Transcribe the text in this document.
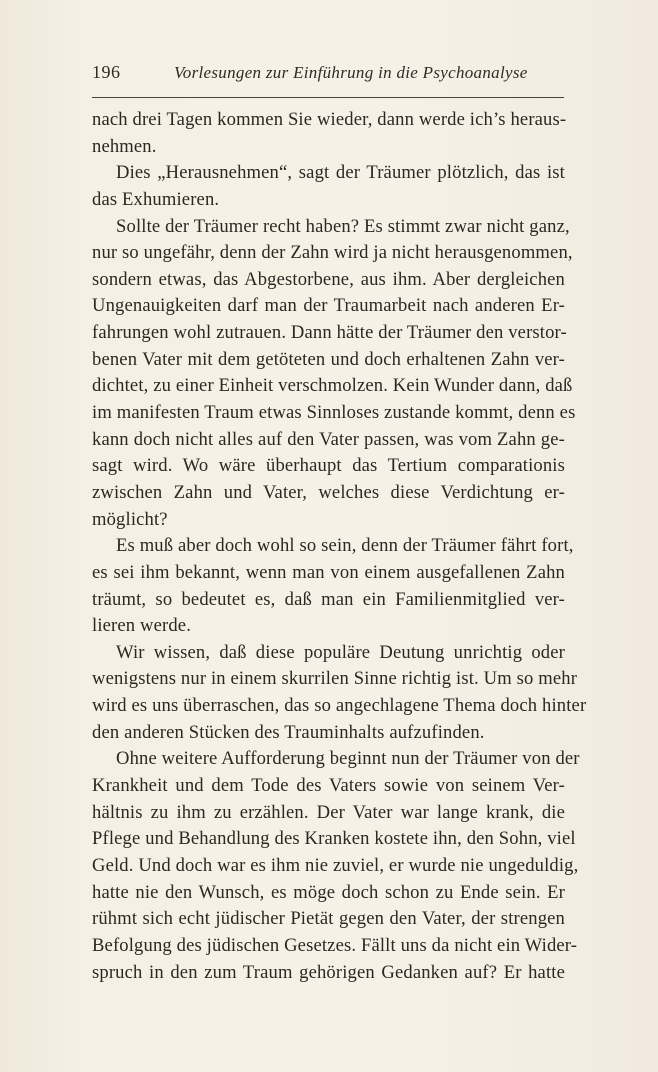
196	Vorlesungen zur Einführung in die Psychoanalyse
nach drei Tagen kommen Sie wieder, dann werde ich’s heraus-
nehmen.
Dies „Herausnehmen“, sagt der Träumer plötzlich, das ist
das Exhumieren.
Sollte der Träumer recht haben? Es stimmt zwar nicht ganz,
nur so ungefähr, denn der Zahn wird ja nicht herausgenommen,
sondern etwas, das Abgestorbene, aus ihm. Aber dergleichen
Ungenauigkeiten darf man der Traumarbeit nach anderen Er-
fahrungen wohl zutrauen. Dann hätte der Träumer den verstor-
benen Vater mit dem getöteten und doch erhaltenen Zahn ver-
dichtet, zu einer Einheit verschmolzen. Kein Wunder dann, daß
im manifesten Traum etwas Sinnloses zustande kommt, denn es
kann doch nicht alles auf den Vater passen, was vom Zahn ge-
sagt wird. Wo wäre überhaupt das Tertium comparationis
zwischen Zahn und Vater, welches diese Verdichtung er-
möglicht?
Es muß aber doch wohl so sein, denn der Träumer fährt fort,
es sei ihm bekannt, wenn man von einem ausgefallenen Zahn
träumt, so bedeutet es, daß man ein Familienmitglied ver-
lieren werde.
Wir wissen, daß diese populäre Deutung unrichtig oder
wenigstens nur in einem skurrilen Sinne richtig ist. Um so mehr
wird es uns überraschen, das so angechlagene Thema doch hinter
den anderen Stücken des Trauminhalts aufzufinden.
Ohne weitere Aufforderung beginnt nun der Träumer von der
Krankheit und dem Tode des Vaters sowie von seinem Ver-
hältnis zu ihm zu erzählen. Der Vater war lange krank, die
Pflege und Behandlung des Kranken kostete ihn, den Sohn, viel
Geld. Und doch war es ihm nie zuviel, er wurde nie ungeduldig,
hatte nie den Wunsch, es möge doch schon zu Ende sein. Er
rühmt sich echt jüdischer Pietät gegen den Vater, der strengen
Befolgung des jüdischen Gesetzes. Fällt uns da nicht ein Wider-
spruch in den zum Traum gehörigen Gedanken auf? Er hatte
